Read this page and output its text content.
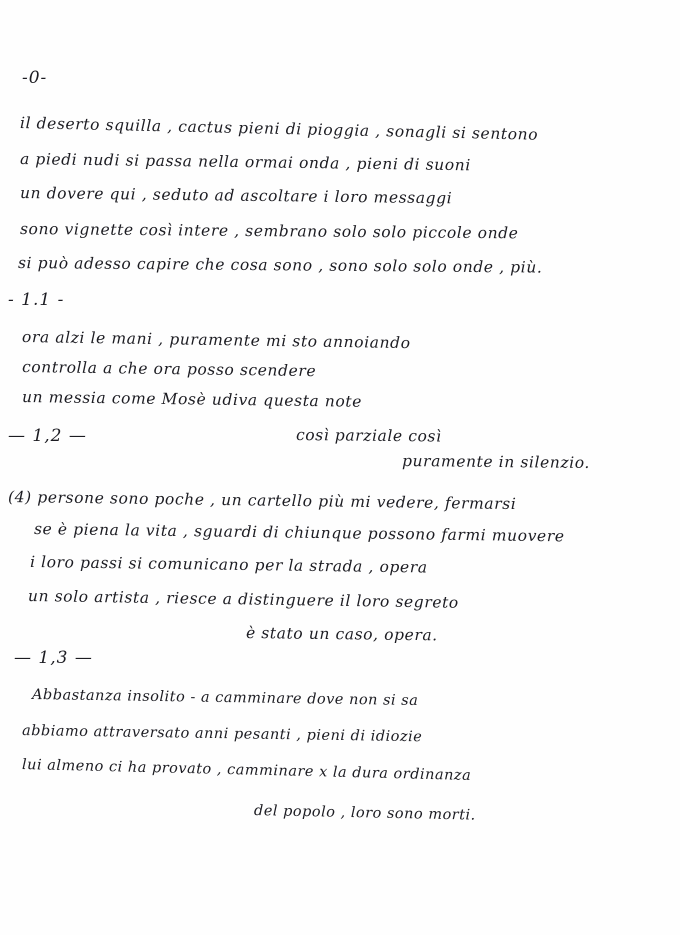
-0-
il deserto squilla , cactus pieni di pioggia , sonagli si sentono
a piedi nudi si passa nella ormai onda , pieni di suoni
un dovere qui , seduto ad ascoltare i loro messaggi
sono vignette così intere , sembrano solo solo piccole onde
si può adesso capire che cosa sono , sono solo solo onde , più.
- 1.1 -
ora alzi le mani , puramente mi sto annoiando
controlla a che ora posso scendere
un messia come Mosè udiva questa note
— 1,2 —	così parziale così
puramente in silenzio.
(4) persone sono poche , un cartello più mi vedere, fermarsi
se è piena la vita , sguardi di chiunque possono farmi muovere
i loro passi si comunicano per la strada , opera
un solo artista , riesce a distinguere il loro segreto
è stato un caso, opera.
— 1,3 —
Abbastanza insolito - a camminare dove non si sa
abbiamo attraversato anni pesanti , pieni di idiozie
lui almeno ci ha provato , camminare x la dura ordinanza
del popolo , loro sono morti.
